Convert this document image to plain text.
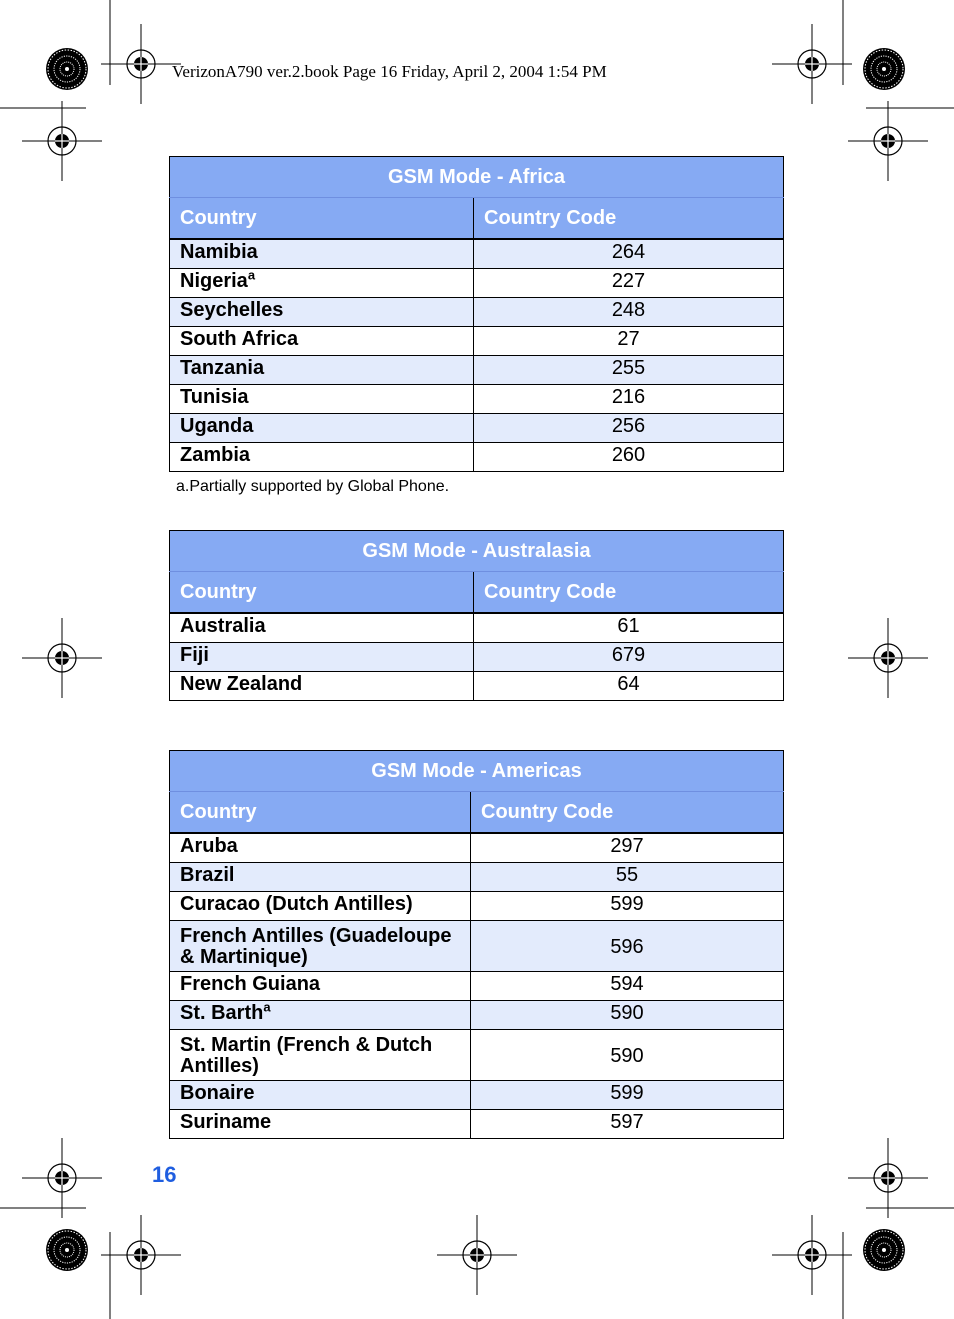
VerizonA790 ver.2.book Page 16 Friday, April 2, 2004 1:54 PM
GSM Mode - Africa	
Country	Country Code
Namibia	264
Nigeria$^a$	227
Seychelles	248
South Africa	27
Tanzania	255
Tunisia	216
Uganda	256
Zambia	260
a.Partially supported by Global Phone.
GSM Mode - Australasia	
Country	Country Code
Australia	61
Fiji	679
New Zealand	64
GSM Mode - Americas	
Country	Country Code
Aruba	297
Brazil	55
Curacao (Dutch Antilles)	599
French Antilles (Guadeloupe & Martinique)	596
French Guiana	594
St. Barth$^a$	590
St. Martin (French & Dutch Antilles)	590
Bonaire	599
Suriname	597
16
